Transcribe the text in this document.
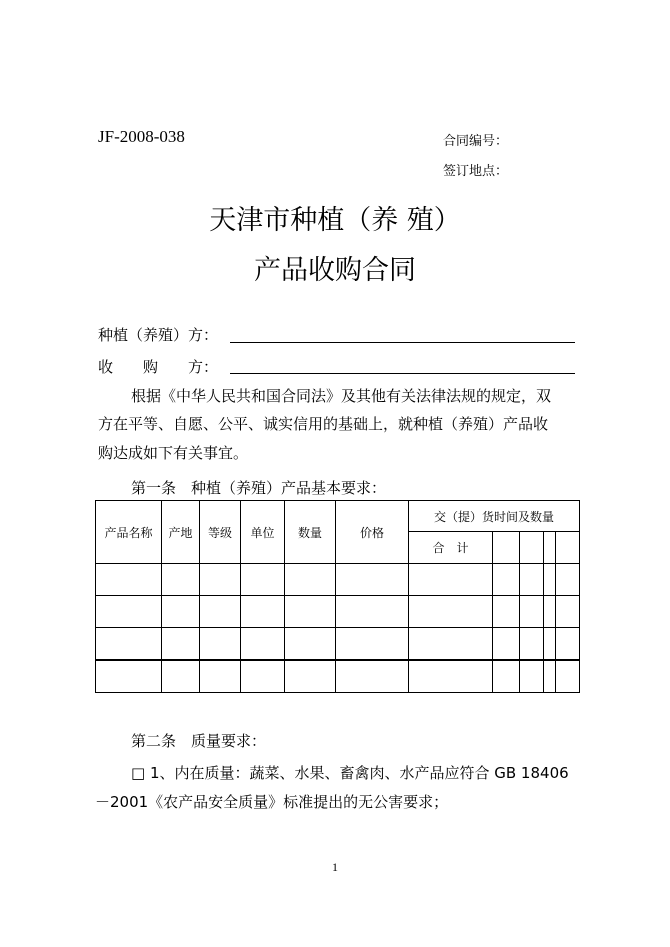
JF-2008-038	合同编号：
签订地点：
天津市种植（养 殖）
产品收购合同
种植（养殖）方：
收　　购　　方：
根据《中华人民共和国合同法》及其他有关法律法规的规定，双
方在平等、自愿、公平、诚实信用的基础上，就种植（养殖）产品收
购达成如下有关事宜。
第一条　种植（养殖）产品基本要求：
产品名称	产地	等级	单位	数量	价格	交（提）货时间及数量				
						合　计				

第二条　质量要求：
□ 1、内在质量：蔬菜、水果、畜禽肉、水产品应符合 GB 18406
－2001《农产品安全质量》标准提出的无公害要求；
1
